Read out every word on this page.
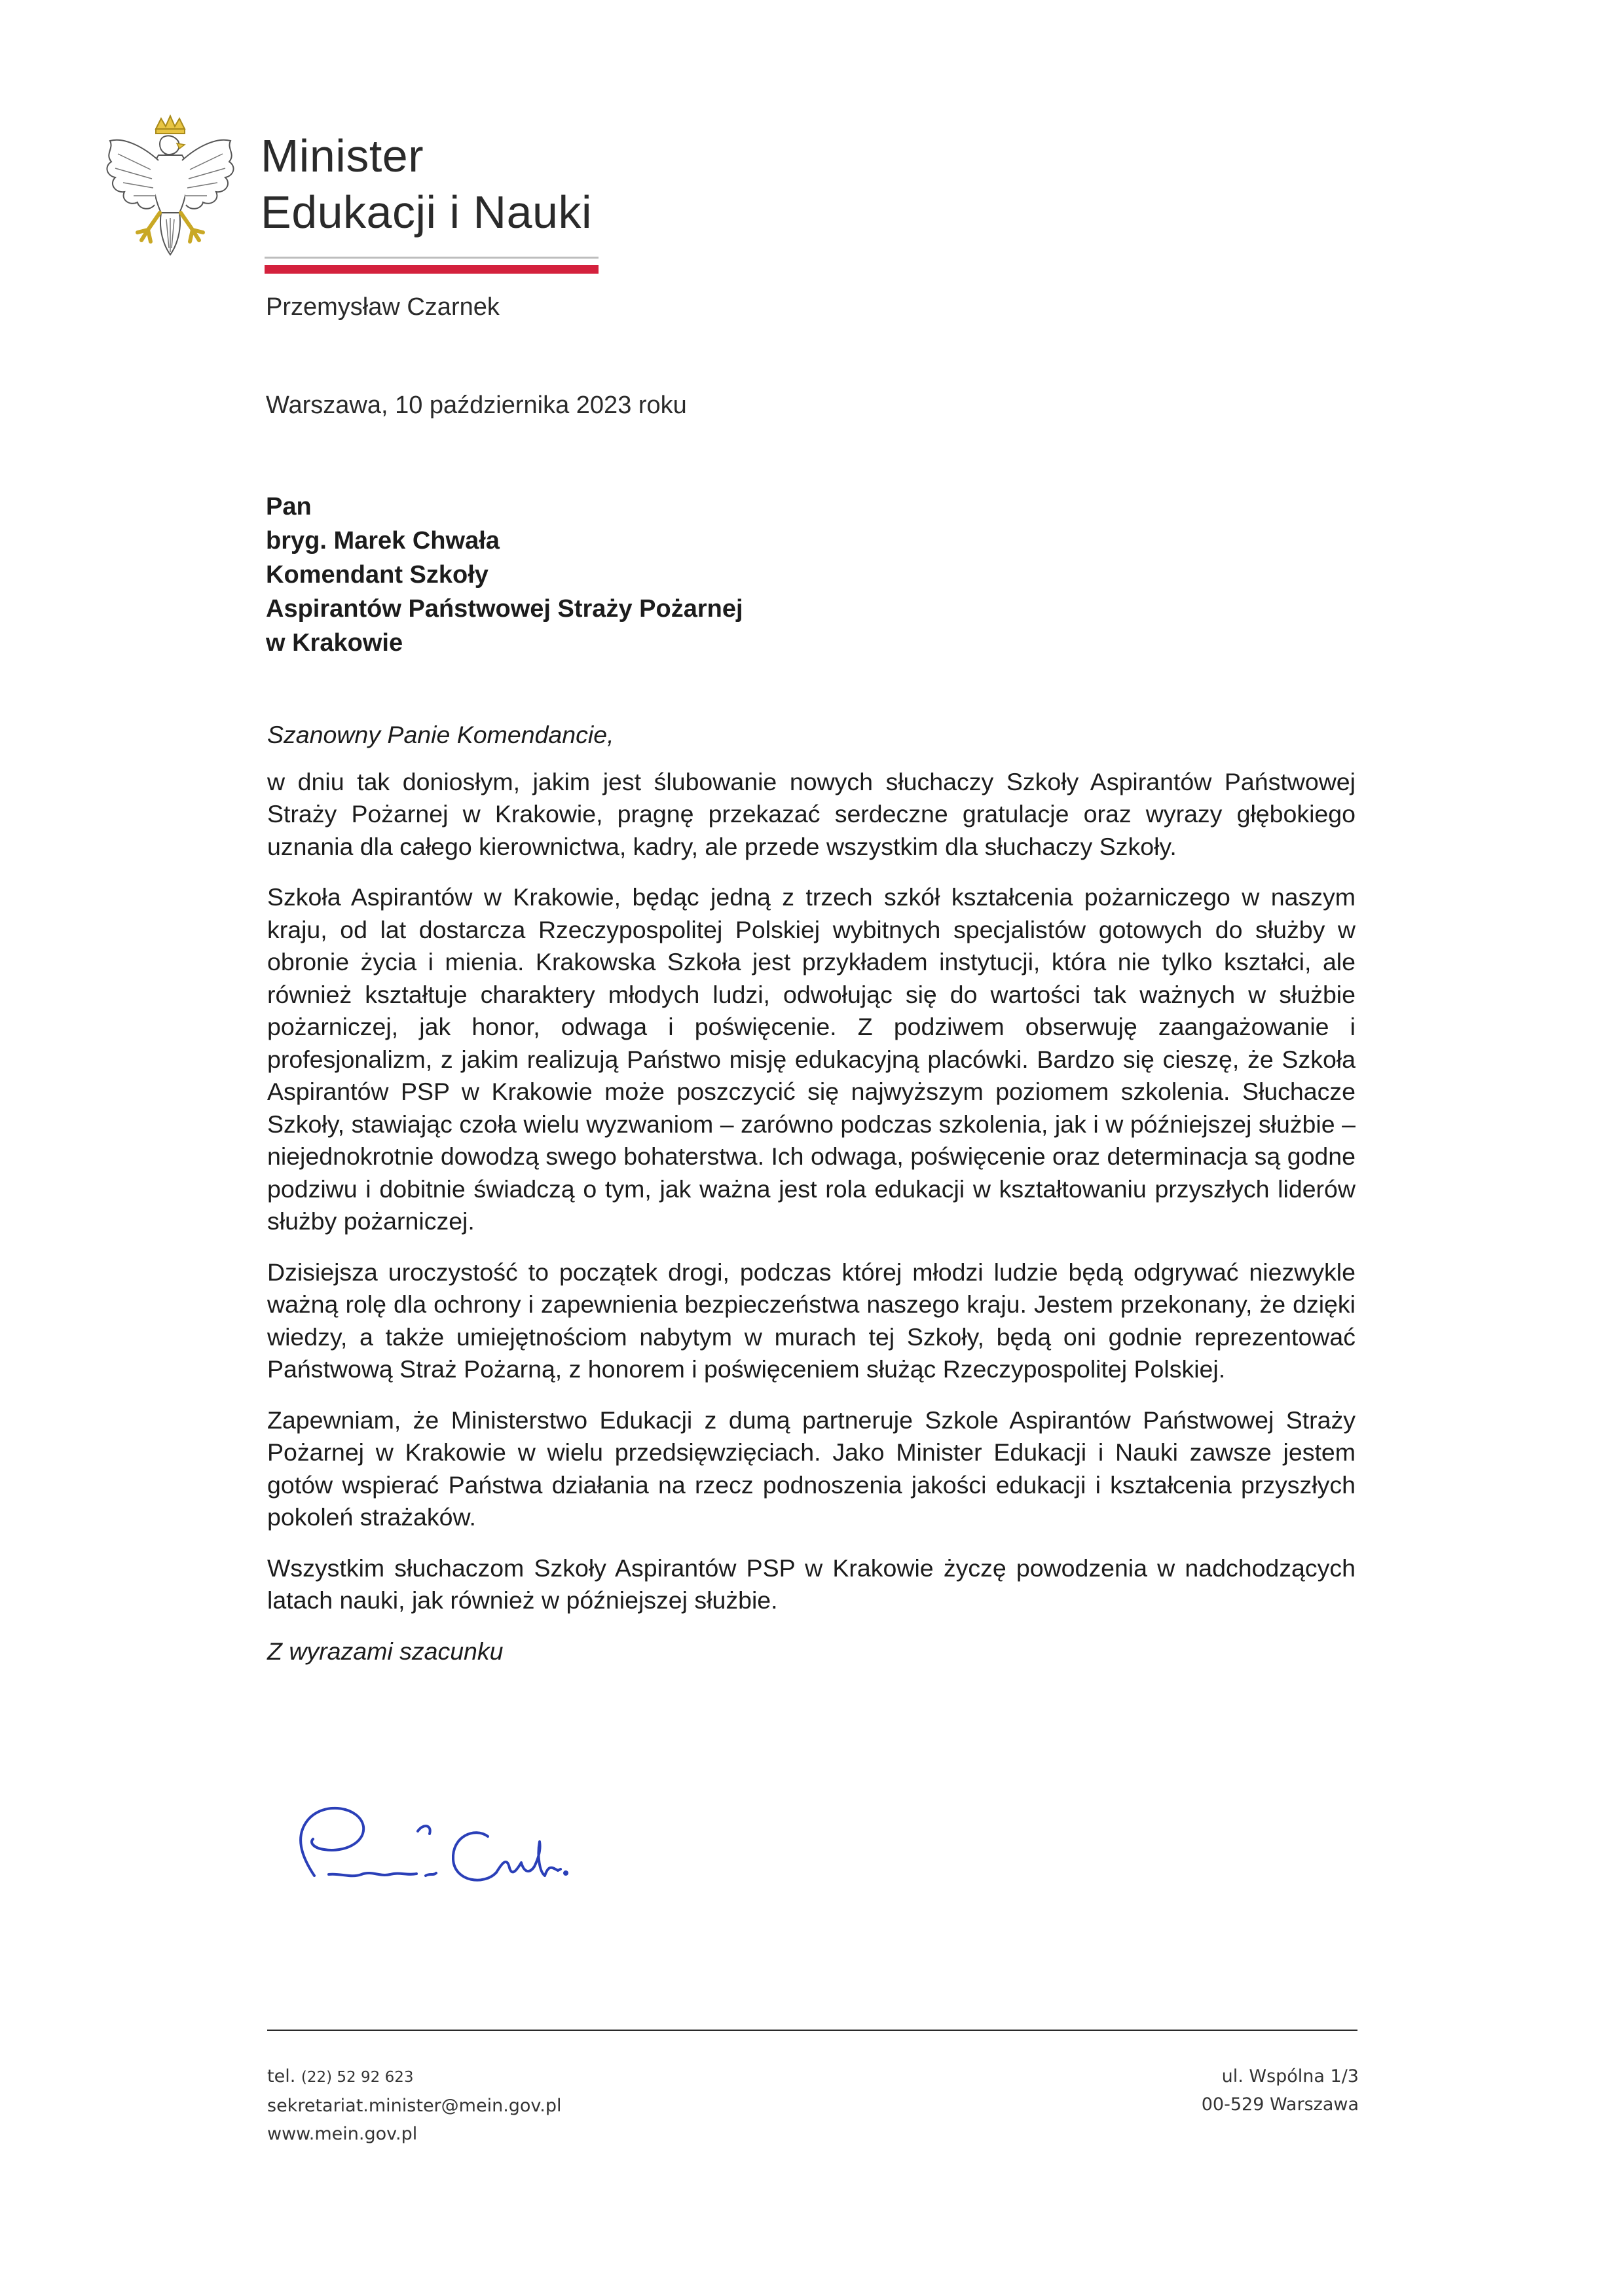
Minister
Edukacji i Nauki
Przemysław Czarnek
Warszawa, 10 października 2023 roku
Pan
bryg. Marek Chwała
Komendant Szkoły
Aspirantów Państwowej Straży Pożarnej
w Krakowie

Szanowny Panie Komendancie,

w dniu tak doniosłym, jakim jest ślubowanie nowych słuchaczy Szkoły Aspirantów Państwowej Straży Pożarnej w Krakowie, pragnę przekazać serdeczne gratulacje oraz wyrazy głębokiego uznania dla całego kierownictwa, kadry, ale przede wszystkim dla słuchaczy Szkoły.

Szkoła Aspirantów w Krakowie, będąc jedną z trzech szkół kształcenia pożarniczego w naszym kraju, od lat dostarcza Rzeczypospolitej Polskiej wybitnych specjalistów gotowych do służby w obronie życia i mienia. Krakowska Szkoła jest przykładem instytucji, która nie tylko kształci, ale również kształtuje charaktery młodych ludzi, odwołując się do wartości tak ważnych w służbie pożarniczej, jak honor, odwaga i poświęcenie. Z podziwem obserwuję zaangażowanie i profesjonalizm, z jakim realizują Państwo misję edukacyjną placówki. Bardzo się cieszę, że Szkoła Aspirantów PSP w Krakowie może poszczycić się najwyższym poziomem szkolenia. Słuchacze Szkoły, stawiając czoła wielu wyzwaniom – zarówno podczas szkolenia, jak i w późniejszej służbie – niejednokrotnie dowodzą swego bohaterstwa. Ich odwaga, poświęcenie oraz determinacja są godne podziwu i dobitnie świadczą o tym, jak ważna jest rola edukacji w kształtowaniu przyszłych liderów służby pożarniczej.

Dzisiejsza uroczystość to początek drogi, podczas której młodzi ludzie będą odgrywać niezwykle ważną rolę dla ochrony i zapewnienia bezpieczeństwa naszego kraju. Jestem przekonany, że dzięki wiedzy, a także umiejętnościom nabytym w murach tej Szkoły, będą oni godnie reprezentować Państwową Straż Pożarną, z honorem i poświęceniem służąc Rzeczypospolitej Polskiej.

Zapewniam, że Ministerstwo Edukacji z dumą partneruje Szkole Aspirantów Państwowej Straży Pożarnej w Krakowie w wielu przedsięwzięciach. Jako Minister Edukacji i Nauki zawsze jestem gotów wspierać Państwa działania na rzecz podnoszenia jakości edukacji i kształcenia przyszłych pokoleń strażaków.

Wszystkim słuchaczom Szkoły Aspirantów PSP w Krakowie życzę powodzenia w nadchodzących latach nauki, jak również w późniejszej służbie.

Z wyrazami szacunku

tel. (22) 52 92 623
sekretariat.minister@mein.gov.pl
www.mein.gov.pl
ul. Wspólna 1/3
00-529 Warszawa
